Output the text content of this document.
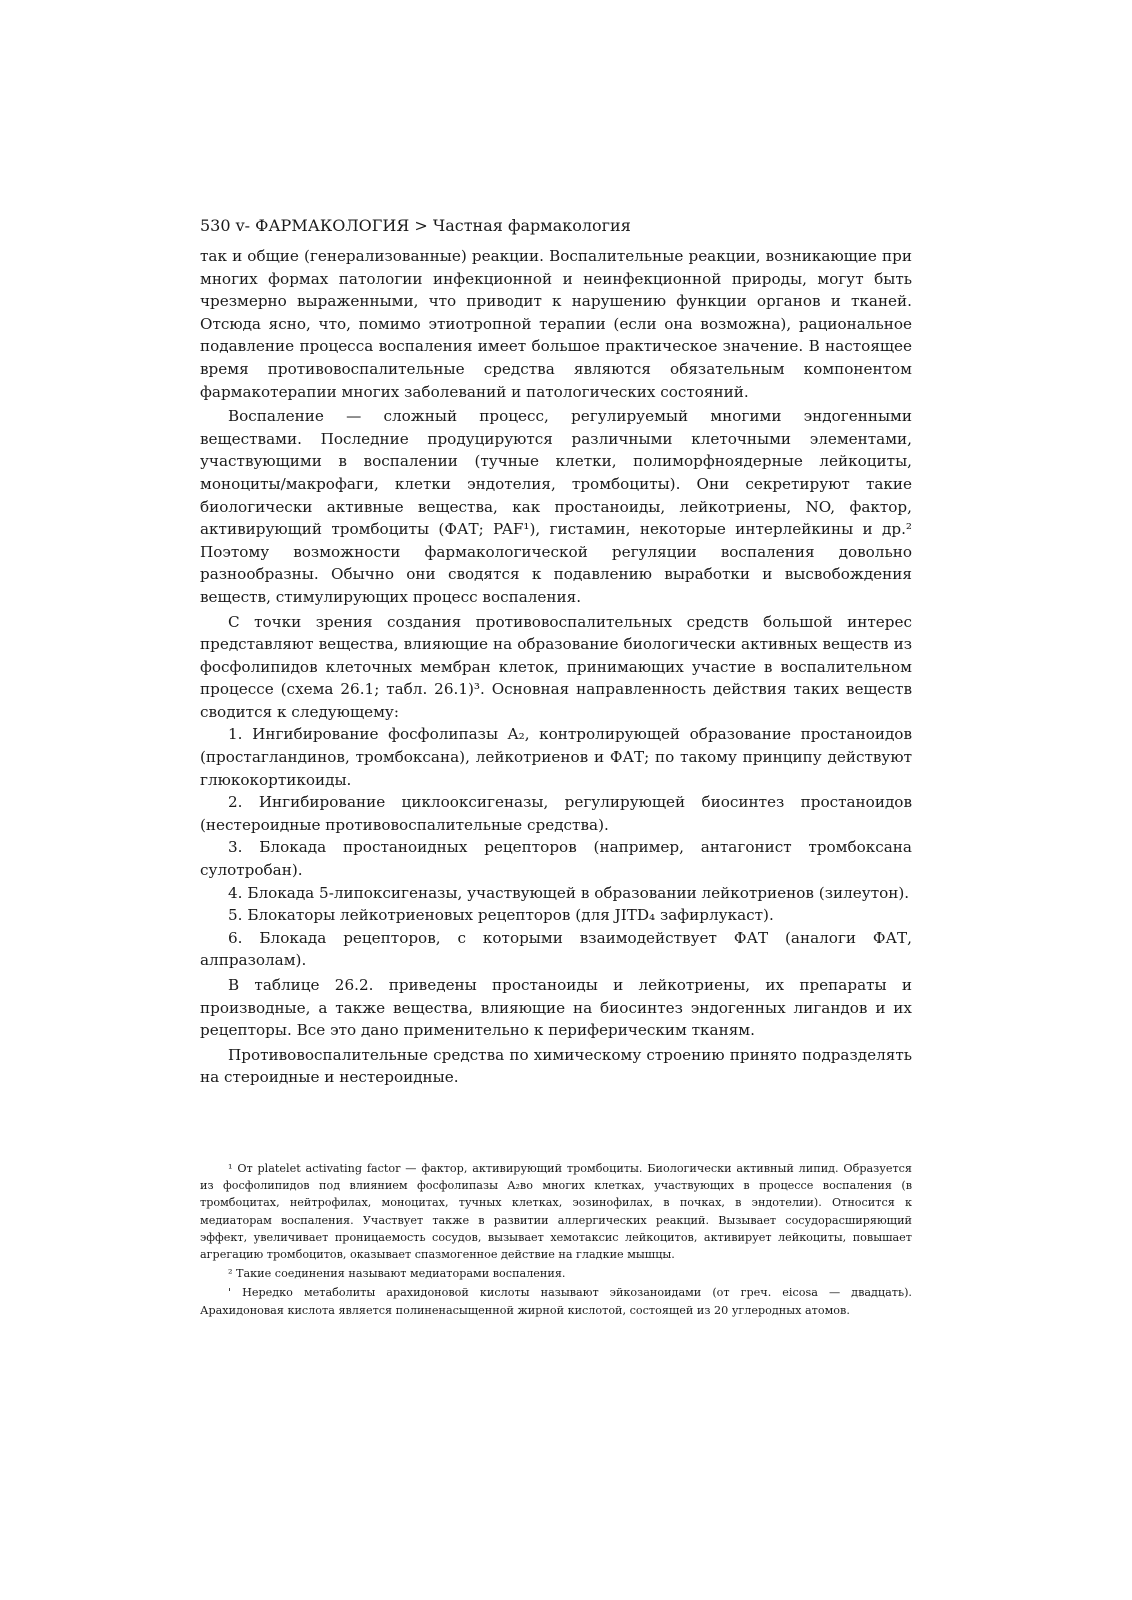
530 v- ФАРМАКОЛОГИЯ > Частная фармакология

так и общие (генерализованные) реакции. Воспалительные реакции, возникающие при многих формах патологии инфекционной и неинфекционной природы, могут быть чрезмерно выраженными, что приводит к нарушению функции органов и тканей. Отсюда ясно, что, помимо этиотропной терапии (если она возможна), рациональное подавление процесса воспаления имеет большое практическое значение. В настоящее время противовоспалительные средства являются обязательным компонентом фармакотерапии многих заболеваний и патологических состояний.

Воспаление — сложный процесс, регулируемый многими эндогенными веществами. Последние продуцируются различными клеточными элементами, участвующими в воспалении (тучные клетки, полиморфноядерные лейкоциты, моноциты/макрофаги, клетки эндотелия, тромбоциты). Они секретируют такие биологически активные вещества, как простаноиды, лейкотриены, NO, фактор, активирующий тромбоциты (ФАТ; PAF¹), гистамин, некоторые интерлейкины и др.² Поэтому возможности фармакологической регуляции воспаления довольно разнообразны. Обычно они сводятся к подавлению выработки и высвобождения веществ, стимулирующих процесс воспаления.

С точки зрения создания противовоспалительных средств большой интерес представляют вещества, влияющие на образование биологически активных веществ из фосфолипидов клеточных мембран клеток, принимающих участие в воспалительном процессе (схема 26.1; табл. 26.1)³. Основная направленность действия таких веществ сводится к следующему:

1. Ингибирование фосфолипазы A₂, контролирующей образование простаноидов (простагландинов, тромбоксана), лейкотриенов и ФАТ; по такому принципу действуют глюкокортикоиды.

2. Ингибирование циклооксигеназы, регулирующей биосинтез простаноидов (нестероидные противовоспалительные средства).

3. Блокада простаноидных рецепторов (например, антагонист тромбоксана сулотробан).

4. Блокада 5-липоксигеназы, участвующей в образовании лейкотриенов (зилеутон).

5. Блокаторы лейкотриеновых рецепторов (для JITD₄ зафирлукаст).

6. Блокада рецепторов, с которыми взаимодействует ФАТ (аналоги ФАТ, алпразолам).

В таблице 26.2. приведены простаноиды и лейкотриены, их препараты и производные, а также вещества, влияющие на биосинтез эндогенных лигандов и их рецепторы. Все это дано применительно к периферическим тканям.

Противовоспалительные средства по химическому строению принято подразделять на стероидные и нестероидные.

¹ От platelet activating factor — фактор, активирующий тромбоциты. Биологически активный липид. Образуется из фосфолипидов под влиянием фосфолипазы A₂во многих клетках, участвующих в процессе воспаления (в тромбоцитах, нейтрофилах, моноцитах, тучных клетках, эозинофилах, в почках, в эндотелии). Относится к медиаторам воспаления. Участвует также в развитии аллергических реакций. Вызывает сосудорасширяющий эффект, увеличивает проницаемость сосудов, вызывает хемотаксис лейкоцитов, активирует лейкоциты, повышает агрегацию тромбоцитов, оказывает спазмогенное действие на гладкие мышцы.

² Такие соединения называют медиаторами воспаления.

' Нередко метаболиты арахидоновой кислоты называют эйкозаноидами (от греч. eicosa — двадцать). Арахидоновая кислота является полиненасыщенной жирной кислотой, состоящей из 20 углеродных атомов.
